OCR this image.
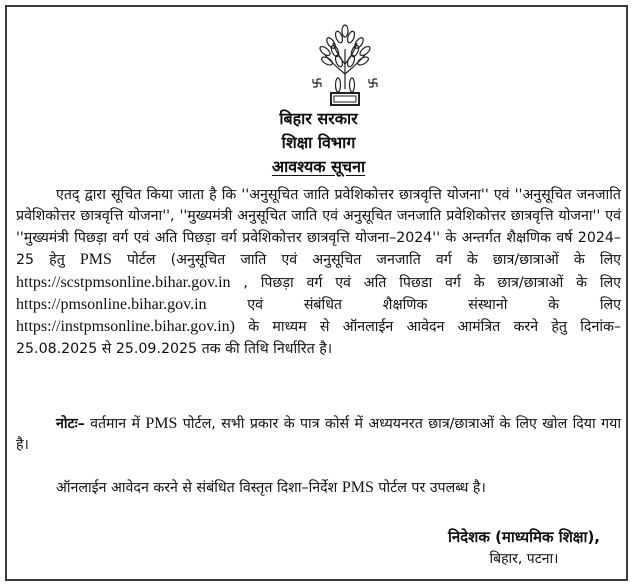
बिहार सरकार
शिक्षा विभाग
आवश्यक सूचना

एतद् द्वारा सूचित किया जाता है कि ''अनुसूचित जाति प्रवेशिकोत्तर छात्रवृत्ति योजना'' एवं ''अनुसूचित जनजाति प्रवेशिकोत्तर छात्रवृत्ति योजना'', ''मुख्यमंत्री अनुसूचित जाति एवं अनुसूचित जनजाति प्रवेशिकोत्तर छात्रवृत्ति योजना'' एवं ''मुख्यमंत्री पिछड़ा वर्ग एवं अति पिछड़ा वर्ग प्रवेशिकोत्तर छात्रवृत्ति योजना–2024'' के अन्तर्गत शैक्षणिक वर्ष 2024–25 हेतु PMS पोर्टल (अनुसूचित जाति एवं अनुसूचित जनजाति वर्ग के छात्र/छात्राओं के लिए https://scstpmsonline.bihar.gov.in , पिछड़ा वर्ग एवं अति पिछडा वर्ग के छात्र/छात्राओं के लिए https://pmsonline.bihar.gov.in एवं संबंधित शैक्षणिक संस्थानो के लिए https://instpmsonline.bihar.gov.in) के माध्यम से ऑनलाईन आवेदन आमंत्रित करने हेतु दिनांक–25.08.2025 से 25.09.2025 तक की तिथि निर्धारित है।

नोटः– वर्तमान में PMS पोर्टल, सभी प्रकार के पात्र कोर्स में अध्ययनरत छात्र/छात्राओं के लिए खोल दिया गया है।

ऑनलाईन आवेदन करने से संबंधित विस्तृत दिशा–निर्देश PMS पोर्टल पर उपलब्ध है।

निदेशक (माध्यमिक शिक्षा),
बिहार, पटना।
